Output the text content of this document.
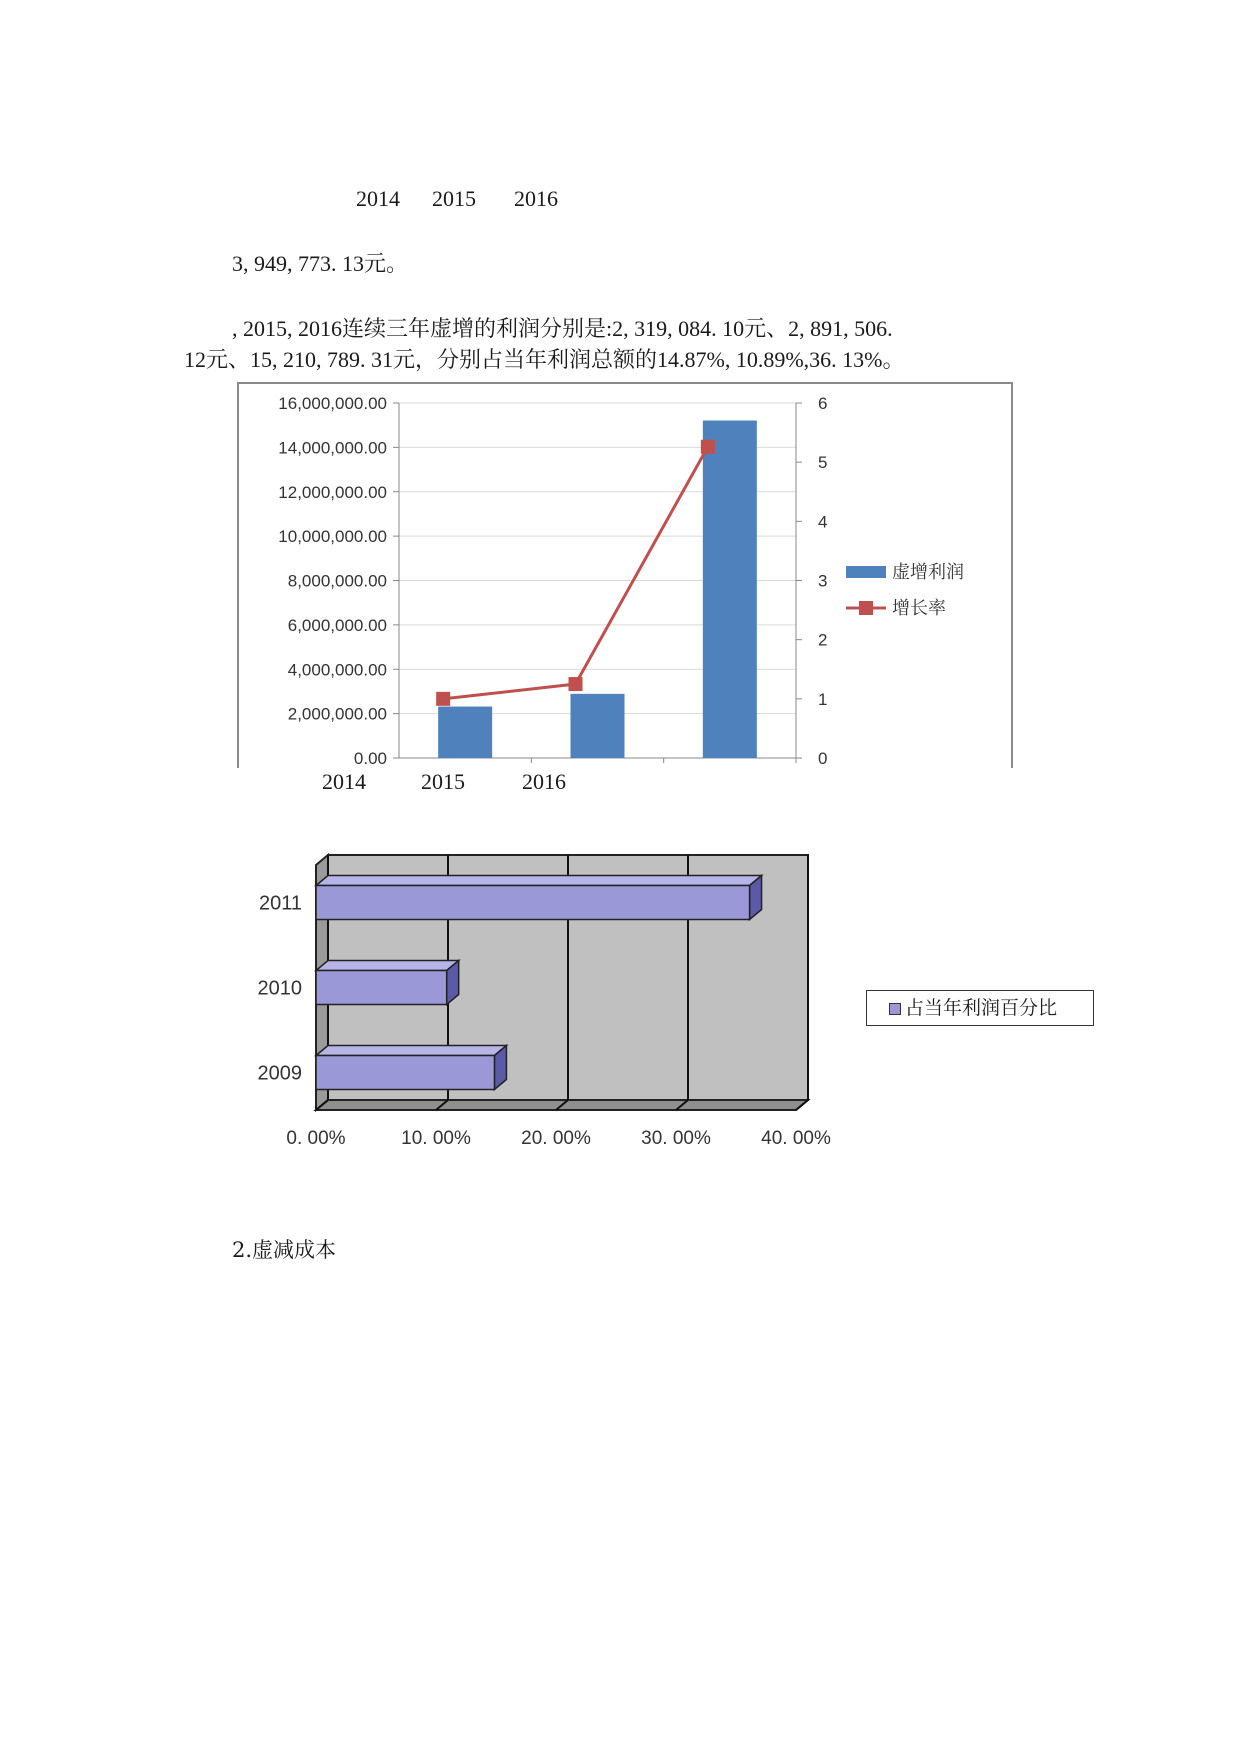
2014 2015 2016
3, 949, 773. 13元。
, 2015, 2016连续三年虚增的利润分别是:2, 319, 084. 10元、2, 891, 506.
12元、15, 210, 789. 31元，分别占当年利润总额的14.87%, 10.89%,36. 13%。
0.00
2,000,000.00
4,000,000.00
6,000,000.00
8,000,000.00
10,000,000.00
12,000,000.00
14,000,000.00
16,000,000.00
0
1
2
3
4
5
6
虚增利润
增长率
2014	2015	2016
0. 00%	10. 00%	20. 00%	30. 00%	40. 00%
2009
2010
2011
占当年利润百分比
2.虚减成本
